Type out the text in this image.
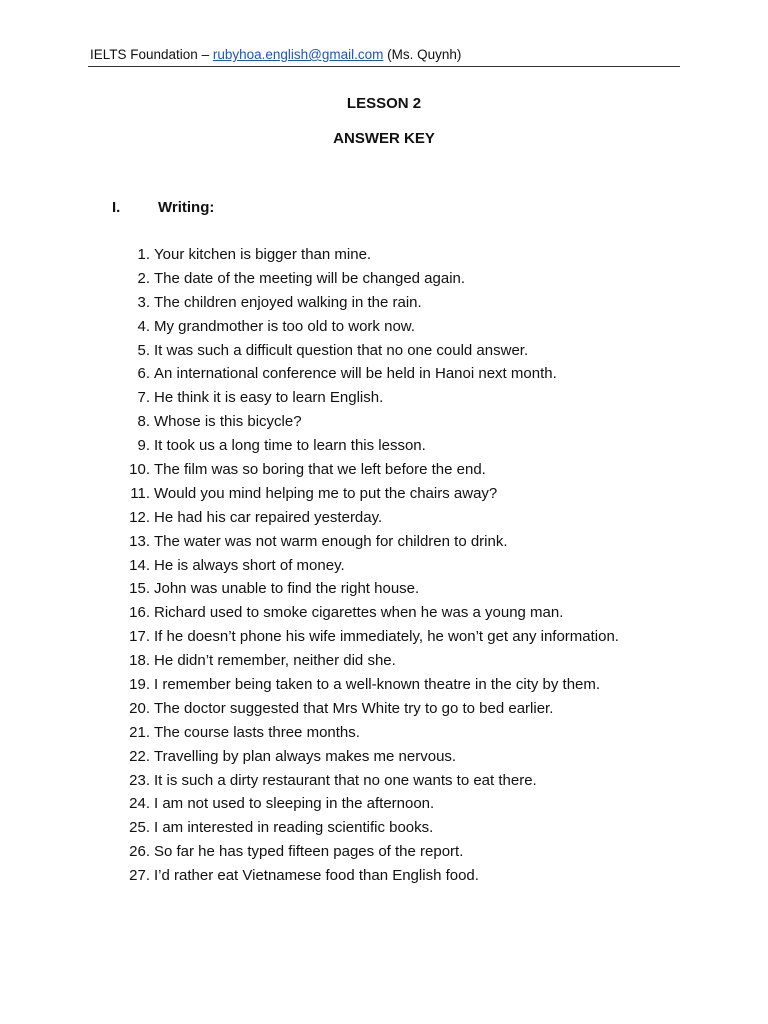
IELTS Foundation – rubyhoa.english@gmail.com (Ms. Quynh)
LESSON 2
ANSWER KEY
I.	Writing:
1. Your kitchen is bigger than mine.
2. The date of the meeting will be changed again.
3. The children enjoyed walking in the rain.
4. My grandmother is too old to work now.
5. It was such a difficult question that no one could answer.
6. An international conference will be held in Hanoi next month.
7. He think it is easy to learn English.
8. Whose is this bicycle?
9. It took us a long time to learn this lesson.
10. The film was so boring that we left before the end.
11. Would you mind helping me to put the chairs away?
12. He had his car repaired yesterday.
13. The water was not warm enough for children to drink.
14. He is always short of money.
15. John was unable to find the right house.
16. Richard used to smoke cigarettes when he was a young man.
17. If he doesn’t phone his wife immediately, he won’t get any information.
18. He didn’t remember, neither did she.
19. I remember being taken to a well-known theatre in the city by them.
20. The doctor suggested that Mrs White try to go to bed earlier.
21. The course lasts three months.
22. Travelling by plan always makes me nervous.
23. It is such a dirty restaurant that no one wants to eat there.
24. I am not used to sleeping in the afternoon.
25. I am interested in reading scientific books.
26. So far he has typed fifteen pages of the report.
27. I’d rather eat Vietnamese food than English food.
